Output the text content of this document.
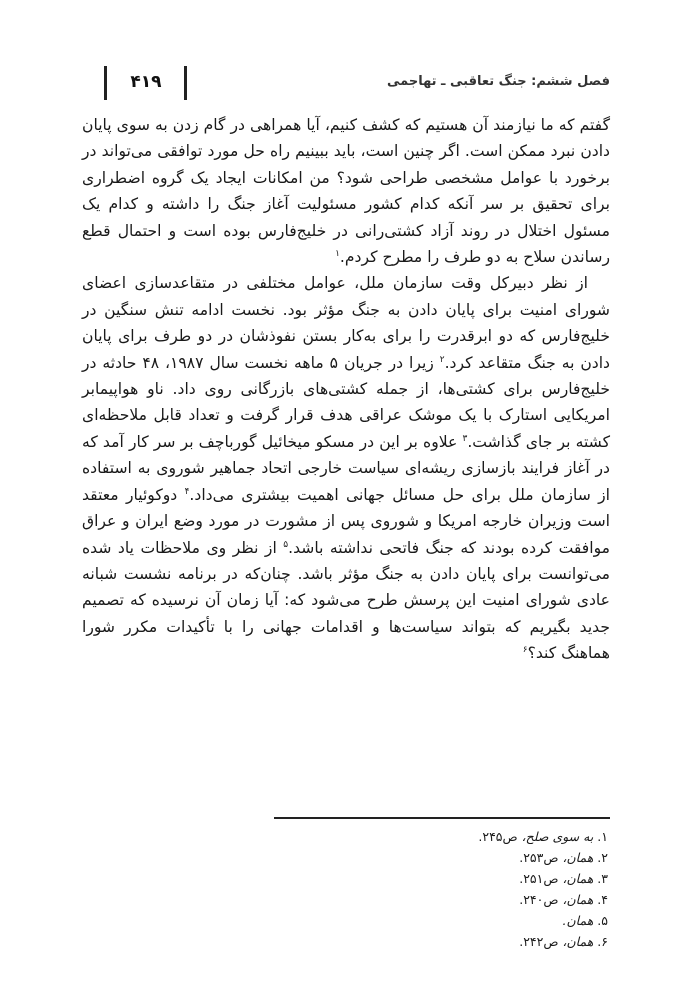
۴۱۹	فصل ششم: جنگ تعاقبی ـ تهاجمی

گفتم که ما نیازمند آن هستیم که کشف کنیم، آیا همراهی در گام زدن به سوی پایان دادن نبرد ممکن است. اگر چنین است، باید ببینیم راه حل مورد توافقی می‌تواند در برخورد با عوامل مشخصی طراحی شود؟ من امکانات ایجاد یک گروه اضطراری برای تحقیق بر سر آنکه کدام کشور مسئولیت آغاز جنگ را داشته و کدام یک مسئول اختلال در روند آزاد کشتی‌رانی در خلیج‌فارس بوده است و احتمال قطع رساندن سلاح به دو طرف را مطرح کردم.$^۱$

از نظر دبیرکل وقت سازمان ملل، عوامل مختلفی در متقاعدسازی اعضای شورای امنیت برای پایان دادن به جنگ مؤثر بود. نخست ادامه تنش سنگین در خلیج‌فارس که دو ابرقدرت را برای به‌کار بستن نفوذشان در دو طرف برای پایان دادن به جنگ متقاعد کرد.$^۲$ زیرا در جریان ۵ ماهه نخست سال ۱۹۸۷، ۴۸ حادثه در خلیج‌فارس برای کشتی‌ها، از جمله کشتی‌های بازرگانی روی داد. ناو هواپیمابر امریکایی استارک با یک موشک عراقی هدف قرار گرفت و تعداد قابل ملاحظه‌ای کشته بر جای گذاشت.$^۳$ علاوه بر این در مسکو میخائیل گورباچف بر سر کار آمد که در آغاز فرایند بازسازی ریشه‌ای سیاست خارجی اتحاد جماهیر شوروی به استفاده از سازمان ملل برای حل مسائل جهانی اهمیت بیشتری می‌داد.$^۴$ دوکوئیار معتقد است وزیران خارجه امریکا و شوروی پس از مشورت در مورد وضع ایران و عراق موافقت کرده بودند که جنگ فاتحی نداشته باشد.$^۵$ از نظر وی ملاحظات یاد شده می‌توانست برای پایان دادن به جنگ مؤثر باشد. چنان‌که در برنامه نشست شبانه عادی شورای امنیت این پرسش طرح می‌شود که: آیا زمان آن نرسیده که تصمیم جدید بگیریم که بتواند سیاست‌ها و اقدامات جهانی را با تأکیدات مکرر شورا هماهنگ کند؟$^۶$

۱. به سوی صلح، ص۲۴۵.
۲. همان، ص۲۵۳.
۳. همان، ص۲۵۱.
۴. همان، ص۲۴۰.
۵. همان.
۶. همان، ص۲۴۲.
